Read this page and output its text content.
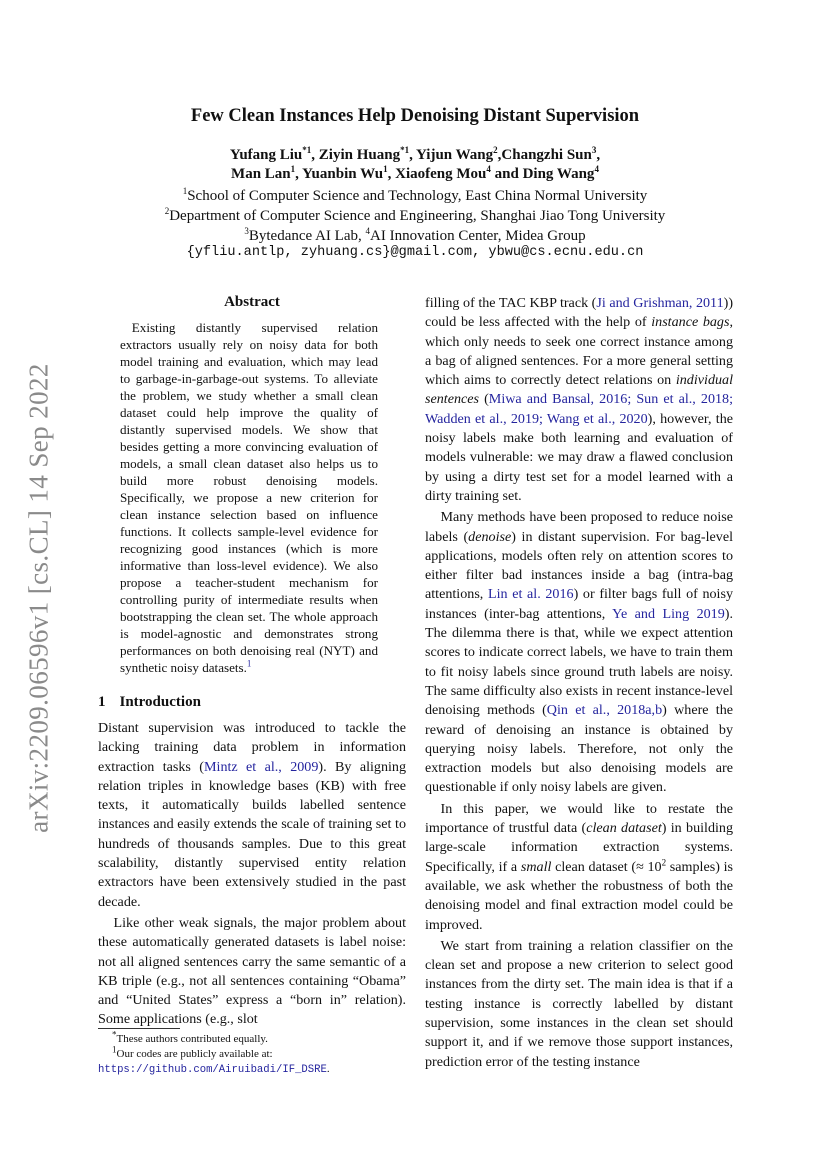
arXiv:2209.06596v1 [cs.CL] 14 Sep 2022
Few Clean Instances Help Denoising Distant Supervision
Yufang Liu$^{*1}$, Ziyin Huang$^{*1}$, Yijun Wang$^2$,Changzhi Sun$^3$,
Man Lan$^1$, Yuanbin Wu$^1$, Xiaofeng Mou$^4$ and Ding Wang$^4$
$^1$School of Computer Science and Technology, East China Normal University
$^2$Department of Computer Science and Engineering, Shanghai Jiao Tong University
$^3$Bytedance AI Lab, $^4$AI Innovation Center, Midea Group
{yfliu.antlp, zyhuang.cs}@gmail.com, ybwu@cs.ecnu.edu.cn
Abstract
Existing distantly supervised relation extractors usually rely on noisy data for both model training and evaluation, which may lead to garbage-in-garbage-out systems. To alleviate the problem, we study whether a small clean dataset could help improve the quality of distantly supervised models. We show that besides getting a more convincing evaluation of models, a small clean dataset also helps us to build more robust denoising models. Specifically, we propose a new criterion for clean instance selection based on influence functions. It collects sample-level evidence for recognizing good instances (which is more informative than loss-level evidence). We also propose a teacher-student mechanism for controlling purity of intermediate results when bootstrapping the clean set. The whole approach is model-agnostic and demonstrates strong performances on both denoising real (NYT) and synthetic noisy datasets.$^1$
1 Introduction

Distant supervision was introduced to tackle the lacking training data problem in information extraction tasks (Mintz et al., 2009). By aligning relation triples in knowledge bases (KB) with free texts, it automatically builds labelled sentence instances and easily extends the scale of training set to hundreds of thousands samples. Due to this great scalability, distantly supervised entity relation extractors have been extensively studied in the past decade.

Like other weak signals, the major problem about these automatically generated datasets is label noise: not all aligned sentences carry the same semantic of a KB triple (e.g., not all sentences containing “Obama” and “United States” express a “born in” relation). Some applications (e.g., slot

filling of the TAC KBP track (Ji and Grishman, 2011)) could be less affected with the help of instance bags, which only needs to seek one correct instance among a bag of aligned sentences. For a more general setting which aims to correctly detect relations on individual sentences (Miwa and Bansal, 2016; Sun et al., 2018; Wadden et al., 2019; Wang et al., 2020), however, the noisy labels make both learning and evaluation of models vulnerable: we may draw a flawed conclusion by using a dirty test set for a model learned with a dirty training set.

Many methods have been proposed to reduce noise labels (denoise) in distant supervision. For bag-level applications, models often rely on attention scores to either filter bad instances inside a bag (intra-bag attentions, Lin et al. 2016) or filter bags full of noisy instances (inter-bag attentions, Ye and Ling 2019). The dilemma there is that, while we expect attention scores to indicate correct labels, we have to train them to fit noisy labels since ground truth labels are noisy. The same difficulty also exists in recent instance-level denoising methods (Qin et al., 2018a,b) where the reward of denoising an instance is obtained by querying noisy labels. Therefore, not only the extraction models but also denoising models are questionable if only noisy labels are given.

In this paper, we would like to restate the importance of trustful data (clean dataset) in building large-scale information extraction systems. Specifically, if a small clean dataset (≈ $10^2$ samples) is available, we ask whether the robustness of both the denoising model and final extraction model could be improved.

We start from training a relation classifier on the clean set and propose a new criterion to select good instances from the dirty set. The main idea is that if a testing instance is correctly labelled by distant supervision, some instances in the clean set should support it, and if we remove those support instances, prediction error of the testing instance

*These authors contributed equally.

$^1$Our codes are publicly available at: https://github.com/Airuibadi/IF_DSRE.
